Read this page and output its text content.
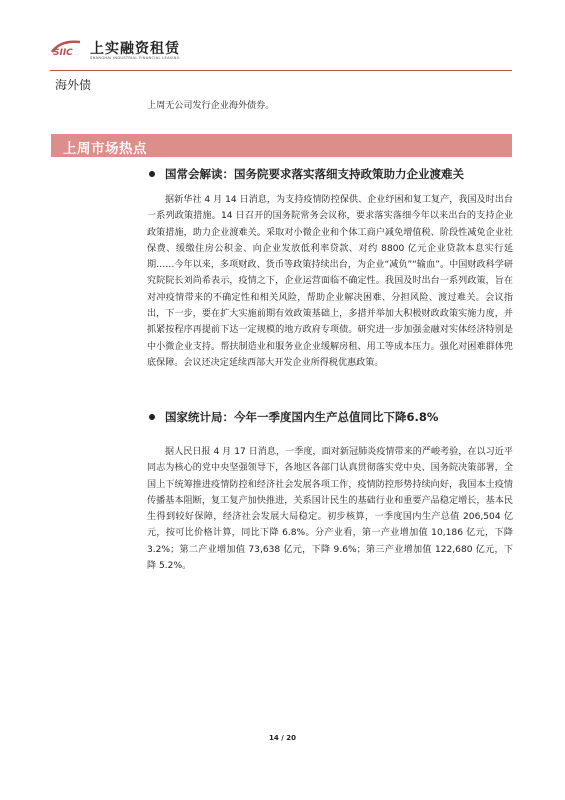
SIIC 上实融资租赁
SHANGHAI INDUSTRIAL FINANCIAL LEASING
海外债
上周无公司发行企业海外债券。
上周市场热点
国常会解读：国务院要求落实落细支持政策助力企业渡难关
据新华社 4 月 14 日消息，为支持疫情防控保供、企业纾困和复工复产，我国及时出台一系列政策措施。14 日召开的国务院常务会议称，要求落实落细今年以来出台的支持企业政策措施，助力企业渡难关。采取对小微企业和个体工商户减免增值税、阶段性减免企业社保费、缓缴住房公积金、向企业发放低利率贷款、对约 8800 亿元企业贷款本息实行延期……今年以来，多项财政、货币等政策持续出台，为企业“减负”“输血”。中国财政科学研究院院长刘尚希表示，疫情之下，企业运营面临不确定性。我国及时出台一系列政策，旨在对冲疫情带来的不确定性和相关风险，帮助企业解决困难、分担风险、渡过难关。会议指出，下一步，要在扩大实施前期有效政策基础上，多措并举加大积极财政政策实施力度，并抓紧按程序再提前下达一定规模的地方政府专项债。研究进一步加强金融对实体经济特别是中小微企业支持。帮扶制造业和服务业企业缓解房租、用工等成本压力。强化对困难群体兜底保障。会议还决定延续西部大开发企业所得税优惠政策。
国家统计局：今年一季度国内生产总值同比下降6.8%
据人民日报 4 月 17 日消息，一季度，面对新冠肺炎疫情带来的严峻考验，在以习近平同志为核心的党中央坚强领导下，各地区各部门认真贯彻落实党中央、国务院决策部署，全国上下统筹推进疫情防控和经济社会发展各项工作，疫情防控形势持续向好，我国本土疫情传播基本阻断，复工复产加快推进，关系国计民生的基础行业和重要产品稳定增长，基本民生得到较好保障，经济社会发展大局稳定。初步核算，一季度国内生产总值 206,504 亿元，按可比价格计算，同比下降 6.8%。分产业看，第一产业增加值 10,186 亿元，下降 3.2%；第二产业增加值 73,638 亿元，下降 9.6%；第三产业增加值 122,680 亿元，下降 5.2%。
14 / 20
